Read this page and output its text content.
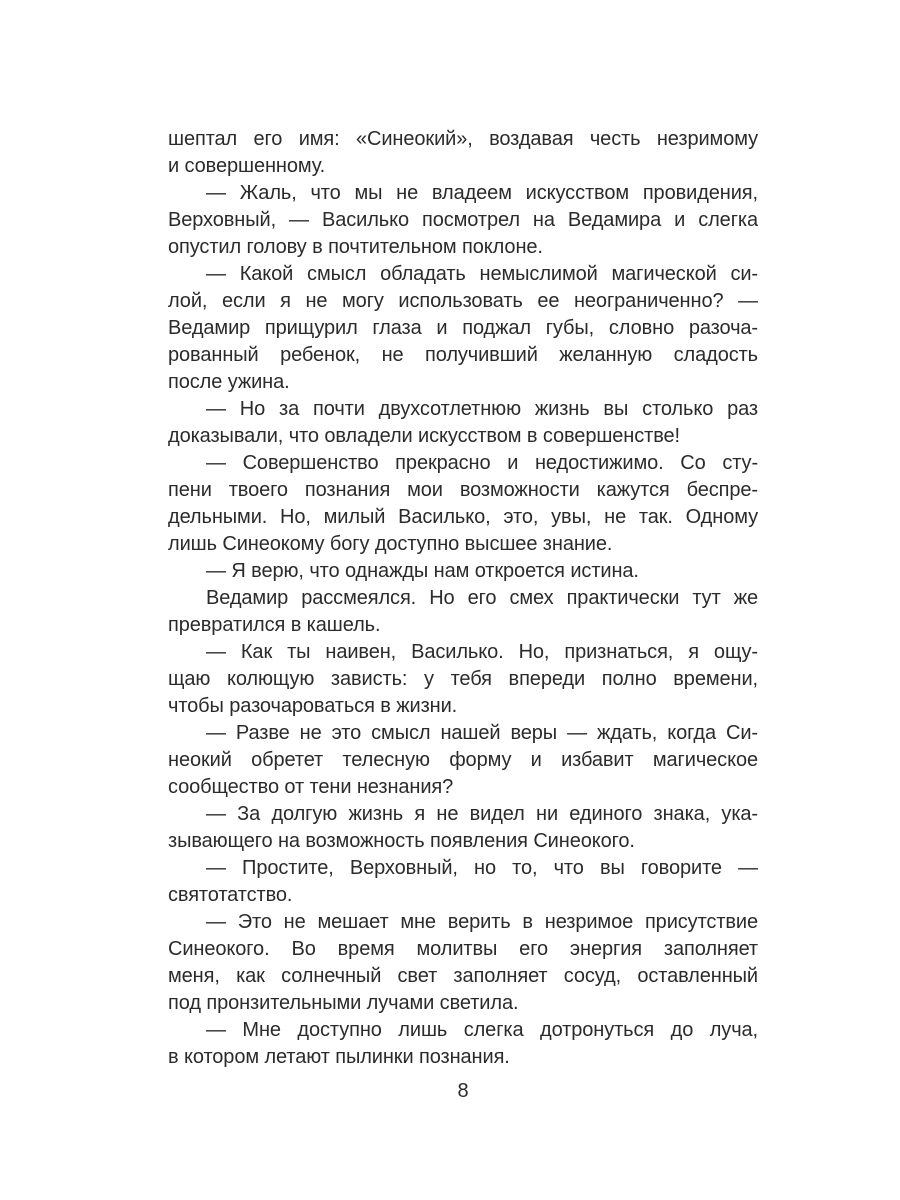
шептал его имя: «Синеокий», воздавая честь незримому
и совершенному.
— Жаль, что мы не владеем искусством провидения,
Верховный, — Василько посмотрел на Ведамира и слегка
опустил голову в почтительном поклоне.
— Какой смысл обладать немыслимой магической си-
лой, если я не могу использовать ее неограниченно? —
Ведамир прищурил глаза и поджал губы, словно разоча-
рованный ребенок, не получивший желанную сладость
после ужина.
— Но за почти двухсотлетнюю жизнь вы столько раз
доказывали, что овладели искусством в совершенстве!
— Совершенство прекрасно и недостижимо. Со сту-
пени твоего познания мои возможности кажутся беспре-
дельными. Но, милый Василько, это, увы, не так. Одному
лишь Синеокому богу доступно высшее знание.
— Я верю, что однажды нам откроется истина.
Ведамир рассмеялся. Но его смех практически тут же
превратился в кашель.
— Как ты наивен, Василько. Но, признаться, я ощу-
щаю колющую зависть: у тебя впереди полно времени,
чтобы разочароваться в жизни.
— Разве не это смысл нашей веры — ждать, когда Си-
неокий обретет телесную форму и избавит магическое
сообщество от тени незнания?
— За долгую жизнь я не видел ни единого знака, ука-
зывающего на возможность появления Синеокого.
— Простите, Верховный, но то, что вы говорите —
святотатство.
— Это не мешает мне верить в незримое присутствие
Синеокого. Во время молитвы его энергия заполняет
меня, как солнечный свет заполняет сосуд, оставленный
под пронзительными лучами светила.
— Мне доступно лишь слегка дотронуться до луча,
в котором летают пылинки познания.
8
